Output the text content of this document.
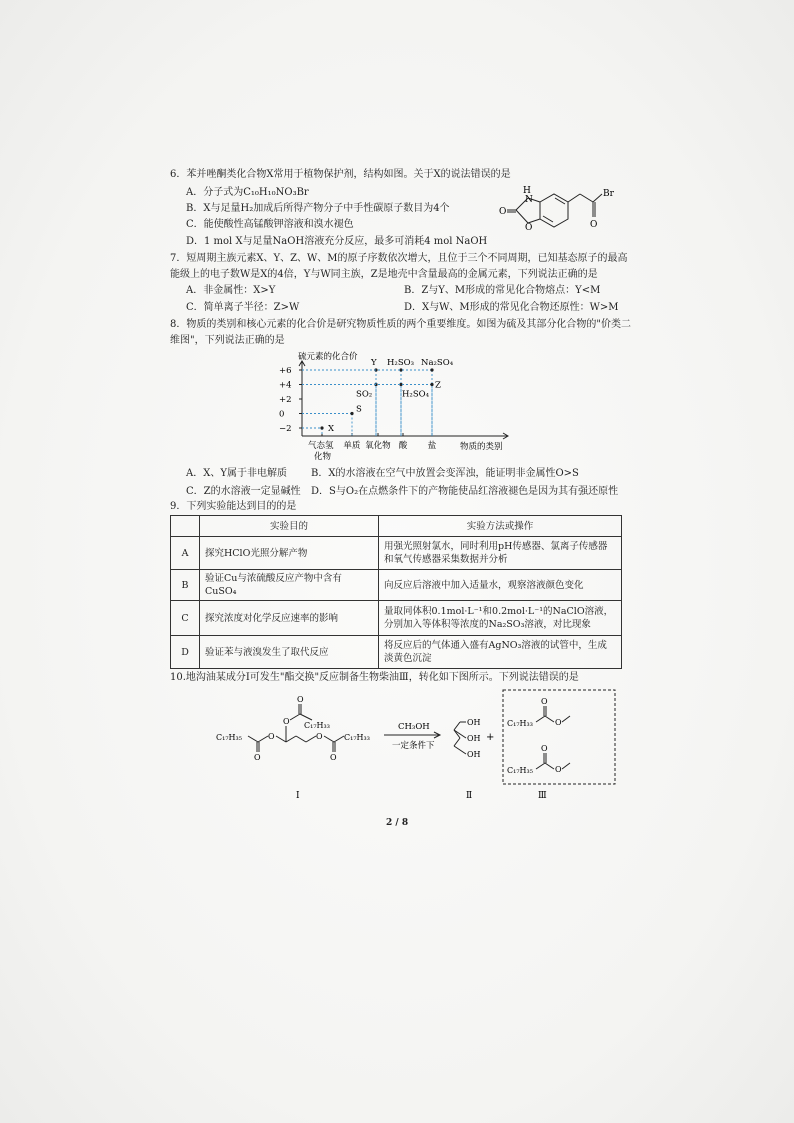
6．苯并唑酮类化合物X常用于植物保护剂，结构如图。关于X的说法错误的是
A．分子式为C₁₀H₁₀NO₃Br
B．X与足量H₂加成后所得产物分子中手性碳原子数目为4个
C．能使酸性高锰酸钾溶液和溴水褪色
D．1 mol X与足量NaOH溶液充分反应，最多可消耗4 mol NaOH
H
N
O
O
Br
O
7．短周期主族元素X、Y、Z、W、M的原子序数依次增大，且位于三个不同周期，已知基态原子的最高
能级上的电子数W是X的4倍，Y与W同主族，Z是地壳中含量最高的金属元素，下列说法正确的是
A．非金属性：X>Y	B．Z与Y、M形成的常见化合物熔点：Y<M
C．简单离子半径：Z>W	D．X与W、M形成的常见化合物还原性：W>M
8．物质的类别和核心元素的化合价是研究物质性质的两个重要维度。如图为硫及其部分化合物的"价类二
维图"，下列说法正确的是
硫元素的化合价
物质的类别
+6
+4
+2
0
−2
气态氢
化物
单质 氧化物 酸 盐
X
S
SO₂
Y H₂SO₃
H₂SO₄
Na₂SO₄
Z
A．X、Y属于非电解质 B．X的水溶液在空气中放置会变浑浊，能证明非金属性O>S
C．Z的水溶液一定显碱性 D．S与O₂在点燃条件下的产物能使品红溶液褪色是因为其有强还原性
9．下列实验能达到目的的是
	实验目的	实验方法或操作
A	探究HClO光照分解产物	用强光照射氯水，同时利用pH传感器、氯离子传感器和氧气传感器采集数据并分析
B	验证Cu与浓硫酸反应产物中含有CuSO₄	向反应后溶液中加入适量水，观察溶液颜色变化
C	探究浓度对化学反应速率的影响	量取同体积0.1mol·L⁻¹和0.2mol·L⁻¹的NaClO溶液，分别加入等体积等浓度的Na₂SO₃溶液，对比现象
D	验证苯与液溴发生了取代反应	将反应后的气体通入盛有AgNO₃溶液的试管中，生成淡黄色沉淀
10.地沟油某成分Ⅰ可发生"酯交换"反应制备生物柴油Ⅲ，转化如下图所示。下列说法错误的是
C₁₇H₃₅	O
O
O
O
C₁₇H₃₃
O
O
C₁₇H₃₃
CH₃OH
一定条件下
OH
OH
OH
+
C₁₇H₃₃
O
O
C₁₇H₃₅
O
O
Ⅰ	Ⅱ	Ⅲ
2 / 8
